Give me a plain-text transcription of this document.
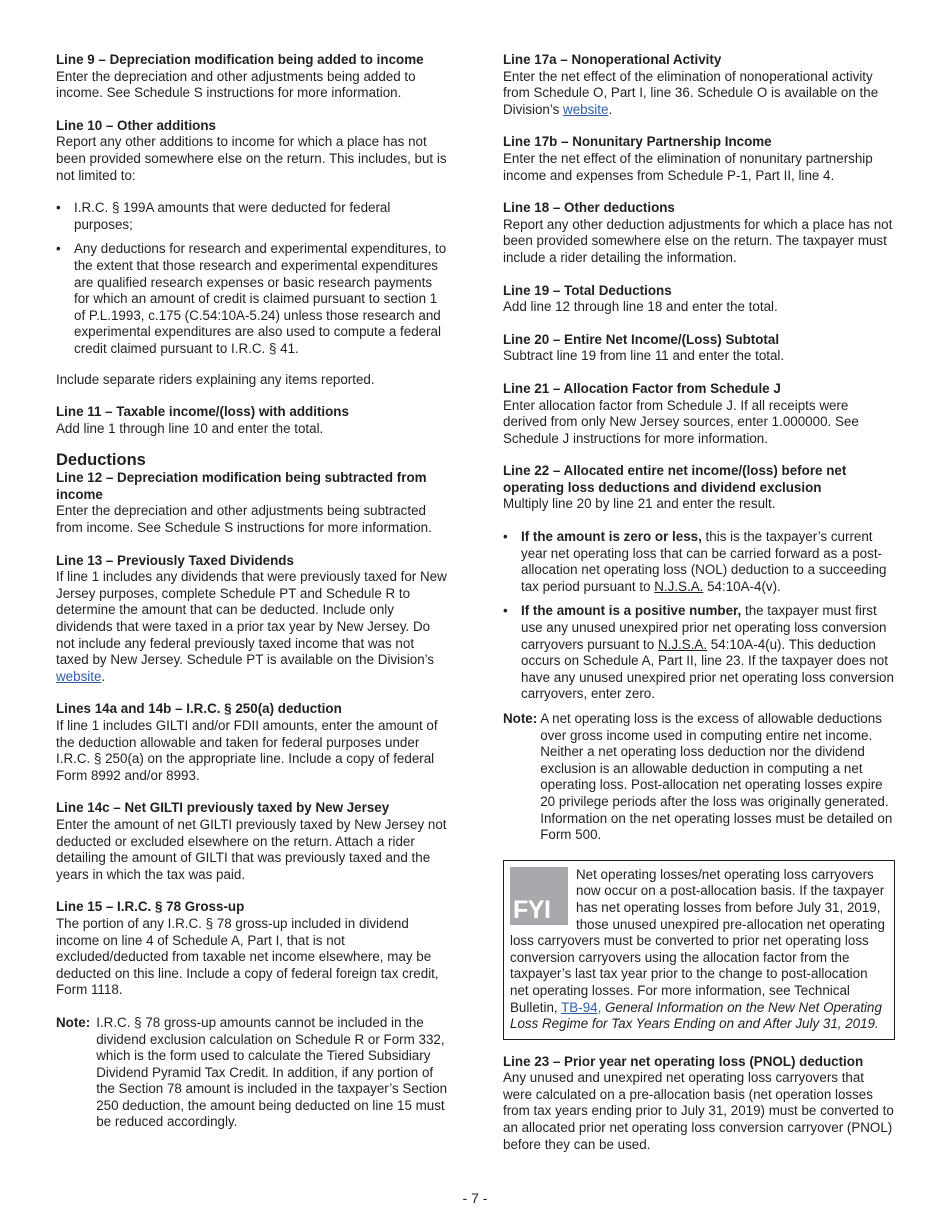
Line 9 – Depreciation modification being added to income

Enter the depreciation and other adjustments being added to income. See Schedule S instructions for more information.

Line 10 – Other additions

Report any other additions to income for which a place has not been provided somewhere else on the return. This includes, but is not limited to:

• I.R.C. § 199A amounts that were deducted for federal purposes;
• Any deductions for research and experimental expenditures, to the extent that those research and experimental expenditures are qualified research expenses or basic research payments for which an amount of credit is claimed pursuant to section 1 of P.L.1993, c.175 (C.54:10A-5.24) unless those research and experimental expenditures are also used to compute a federal credit claimed pursuant to I.R.C. § 41.

Include separate riders explaining any items reported.

Line 11 – Taxable income/(loss) with additions

Add line 1 through line 10 and enter the total.

Deductions

Line 12 – Depreciation modification being subtracted from income

Enter the depreciation and other adjustments being subtracted from income. See Schedule S instructions for more information.

Line 13 – Previously Taxed Dividends

If line 1 includes any dividends that were previously taxed for New Jersey purposes, complete Schedule PT and Schedule R to determine the amount that can be deducted. Include only dividends that were taxed in a prior tax year by New Jersey. Do not include any federal previously taxed income that was not taxed by New Jersey. Schedule PT is available on the Division’s website.

Lines 14a and 14b – I.R.C. § 250(a) deduction

If line 1 includes GILTI and/or FDII amounts, enter the amount of the deduction allowable and taken for federal purposes under I.R.C. § 250(a) on the appropriate line. Include a copy of federal Form 8992 and/or 8993.

Line 14c – Net GILTI previously taxed by New Jersey

Enter the amount of net GILTI previously taxed by New Jersey not deducted or excluded elsewhere on the return. Attach a rider detailing the amount of GILTI that was previously taxed and the years in which the tax was paid.

Line 15 – I.R.C. § 78 Gross-up

The portion of any I.R.C. § 78 gross-up included in dividend income on line 4 of Schedule A, Part I, that is not excluded/deducted from taxable net income elsewhere, may be deducted on this line. Include a copy of federal foreign tax credit, Form 1118.

Note: I.R.C. § 78 gross-up amounts cannot be included in the dividend exclusion calculation on Schedule R or Form 332, which is the form used to calculate the Tiered Subsidiary Dividend Pyramid Tax Credit. In addition, if any portion of the Section 78 amount is included in the taxpayer’s Section 250 deduction, the amount being deducted on line 15 must be reduced accordingly.

Line 17a – Nonoperational Activity

Enter the net effect of the elimination of nonoperational activity from Schedule O, Part I, line 36. Schedule O is available on the Division’s website.

Line 17b – Nonunitary Partnership Income

Enter the net effect of the elimination of nonunitary partnership income and expenses from Schedule P-1, Part II, line 4.

Line 18 – Other deductions

Report any other deduction adjustments for which a place has not been provided somewhere else on the return. The taxpayer must include a rider detailing the information.

Line 19 – Total Deductions

Add line 12 through line 18 and enter the total.

Line 20 – Entire Net Income/(Loss) Subtotal

Subtract line 19 from line 11 and enter the total.

Line 21 – Allocation Factor from Schedule J

Enter allocation factor from Schedule J. If all receipts were derived from only New Jersey sources, enter 1.000000. See Schedule J instructions for more information.

Line 22 – Allocated entire net income/(loss) before net operating loss deductions and dividend exclusion

Multiply line 20 by line 21 and enter the result.

• If the amount is zero or less, this is the taxpayer’s current year net operating loss that can be carried forward as a post-allocation net operating loss (NOL) deduction to a succeeding tax period pursuant to N.J.S.A. 54:10A-4(v).
• If the amount is a positive number, the taxpayer must first use any unused unexpired prior net operating loss conversion carryovers pursuant to N.J.S.A. 54:10A-4(u). This deduction occurs on Schedule A, Part II, line 23. If the taxpayer does not have any unused unexpired prior net operating loss conversion carryovers, enter zero.
Note: A net operating loss is the excess of allowable deductions over gross income used in computing entire net income. Neither a net operating loss deduction nor the dividend exclusion is an allowable deduction in computing a net operating loss. Post-allocation net operating losses expire 20 privilege periods after the loss was originally generated. Information on the net operating losses must be detailed on Form 500.
FYI
Net operating losses/net operating loss carryovers now occur on a post-allocation basis. If the taxpayer has net operating losses from before July 31, 2019, those unused unexpired pre-allocation net operating loss carryovers must be converted to prior net operating loss conversion carryovers using the allocation factor from the taxpayer’s last tax year prior to the change to post-allocation net operating losses. For more information, see Technical Bulletin, TB-94, General Information on the New Net Operating Loss Regime for Tax Years Ending on and After July 31, 2019.

Line 23 – Prior year net operating loss (PNOL) deduction

Any unused and unexpired net operating loss carryovers that were calculated on a pre-allocation basis (net operation losses from tax years ending prior to July 31, 2019) must be converted to an allocated prior net operating loss conversion carryover (PNOL) before they can be used.

- 7 -
